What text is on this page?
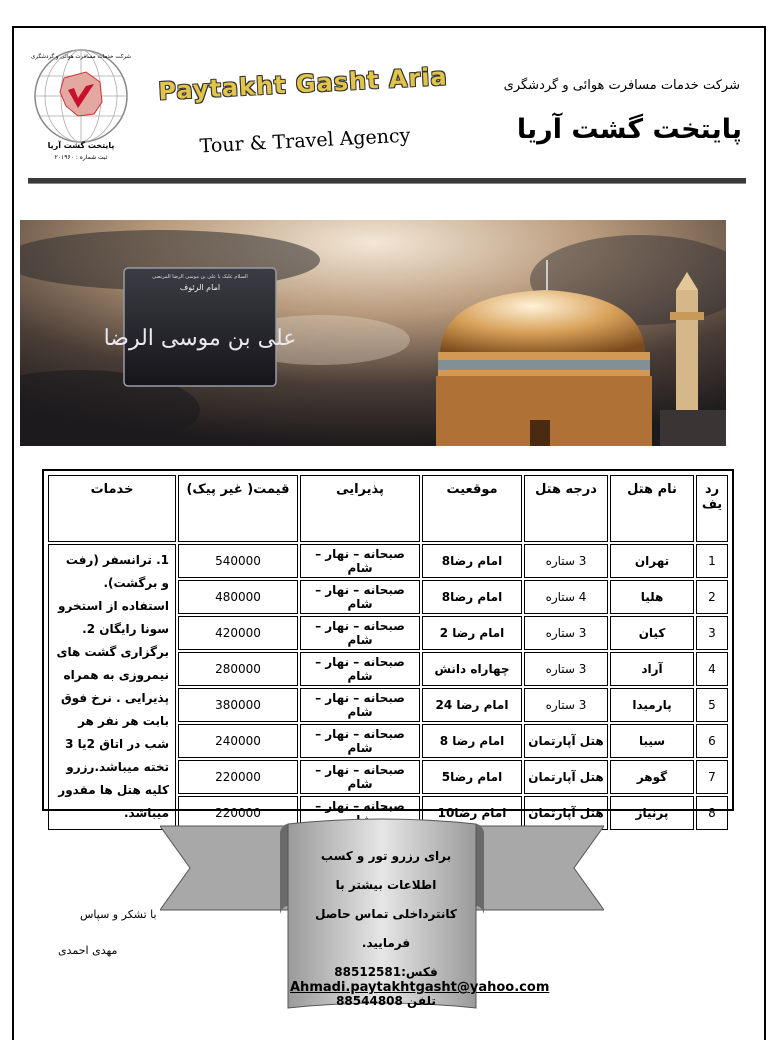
پایتخت گشت آریا
ثبت شماره : ۲۰۱۹۶۰
شرکت خدمات مسافرت هوائی و گردشگری
Paytakht Gasht Aria
Tour & Travel Agency
شرکت خدمات مسافرت هوائی و گردشگری
پایتخت گشت آریا
السلام علیک یا علی بن موسی الرضا المرتضی
امام الرئوف
علی بن موسی الرضا
رد یف	نام هتل	درجه هتل	موقعیت	پذیرایی	قیمت( غیر پیک)	خدمات
1	تهران	3 ستاره	امام رضا8	صبحانه – نهار – شام	540000	1. ترانسفر (رفت و برگشت). استفاده از استخرو سونا رایگان 2. برگزاری گشت های نیمروزی به همراه پذیرایی . نرخ فوق بابت هر نفر هر شب در اتاق 2یا 3 تخته میباشد.رزرو کلیه هتل ها مقدور میباشد.
2	هلیا	4 ستاره	امام رضا8	صبحانه – نهار – شام	480000	
3	کیان	3 ستاره	امام رضا 2	صبحانه – نهار – شام	420000	
4	آراد	3 ستاره	چهاراه دانش	صبحانه – نهار – شام	280000	
5	پارمیدا	3 ستاره	امام رضا 24	صبحانه – نهار – شام	380000	
6	سیبا	هتل آپارتمان	امام رضا 8	صبحانه – نهار – شام	240000	
7	گوهر	هتل آپارتمان	امام رضا5	صبحانه – نهار – شام	220000	
8	پرنیاز	هتل آپارتمان	امام رضا10	صبحانه – نهار –	220000	
برای رزرو تور و کسب اطلاعات بیشتر با
کانترداخلی تماس حاصل فرمایید.
فکس:88512581
تلفن 88544808
Ahmadi.paytakhtgasht@yahoo.com
با تشکر و سپاس
مهدی احمدی
